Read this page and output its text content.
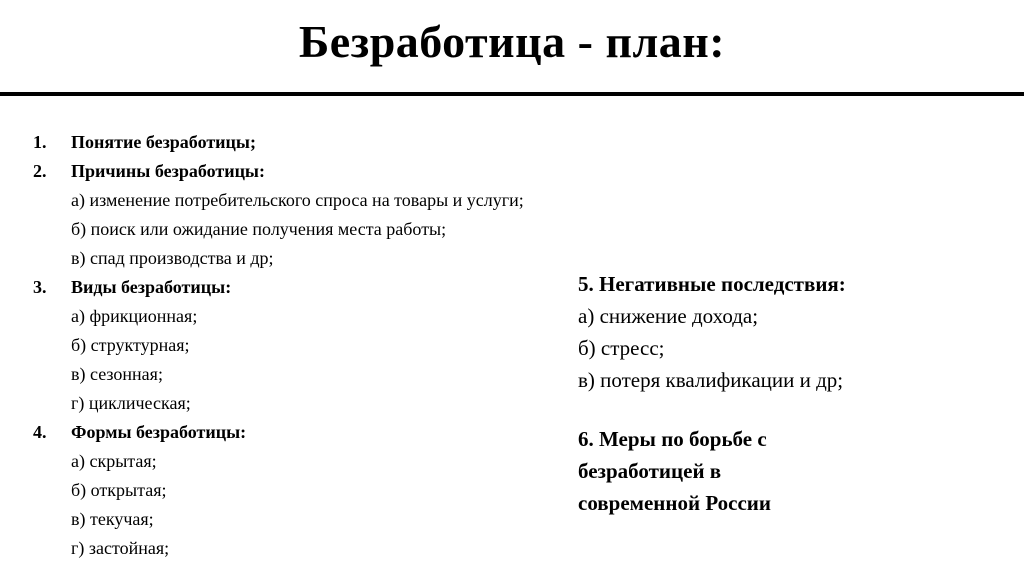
Безработица - план:
1. Понятие безработицы;
2. Причины безработицы:
а) изменение потребительского спроса на товары и услуги;
б) поиск или ожидание получения места работы;
в) спад производства и др;
3. Виды безработицы:
а) фрикционная;
б) структурная;
в) сезонная;
г) циклическая;
4. Формы безработицы:
а) скрытая;
б) открытая;
в) текучая;
г) застойная;
5. Негативные последствия:
а) снижение дохода;
б) стресс;
в) потеря квалификации и др;
6. Меры по борьбе с
безработицей в
современной России
